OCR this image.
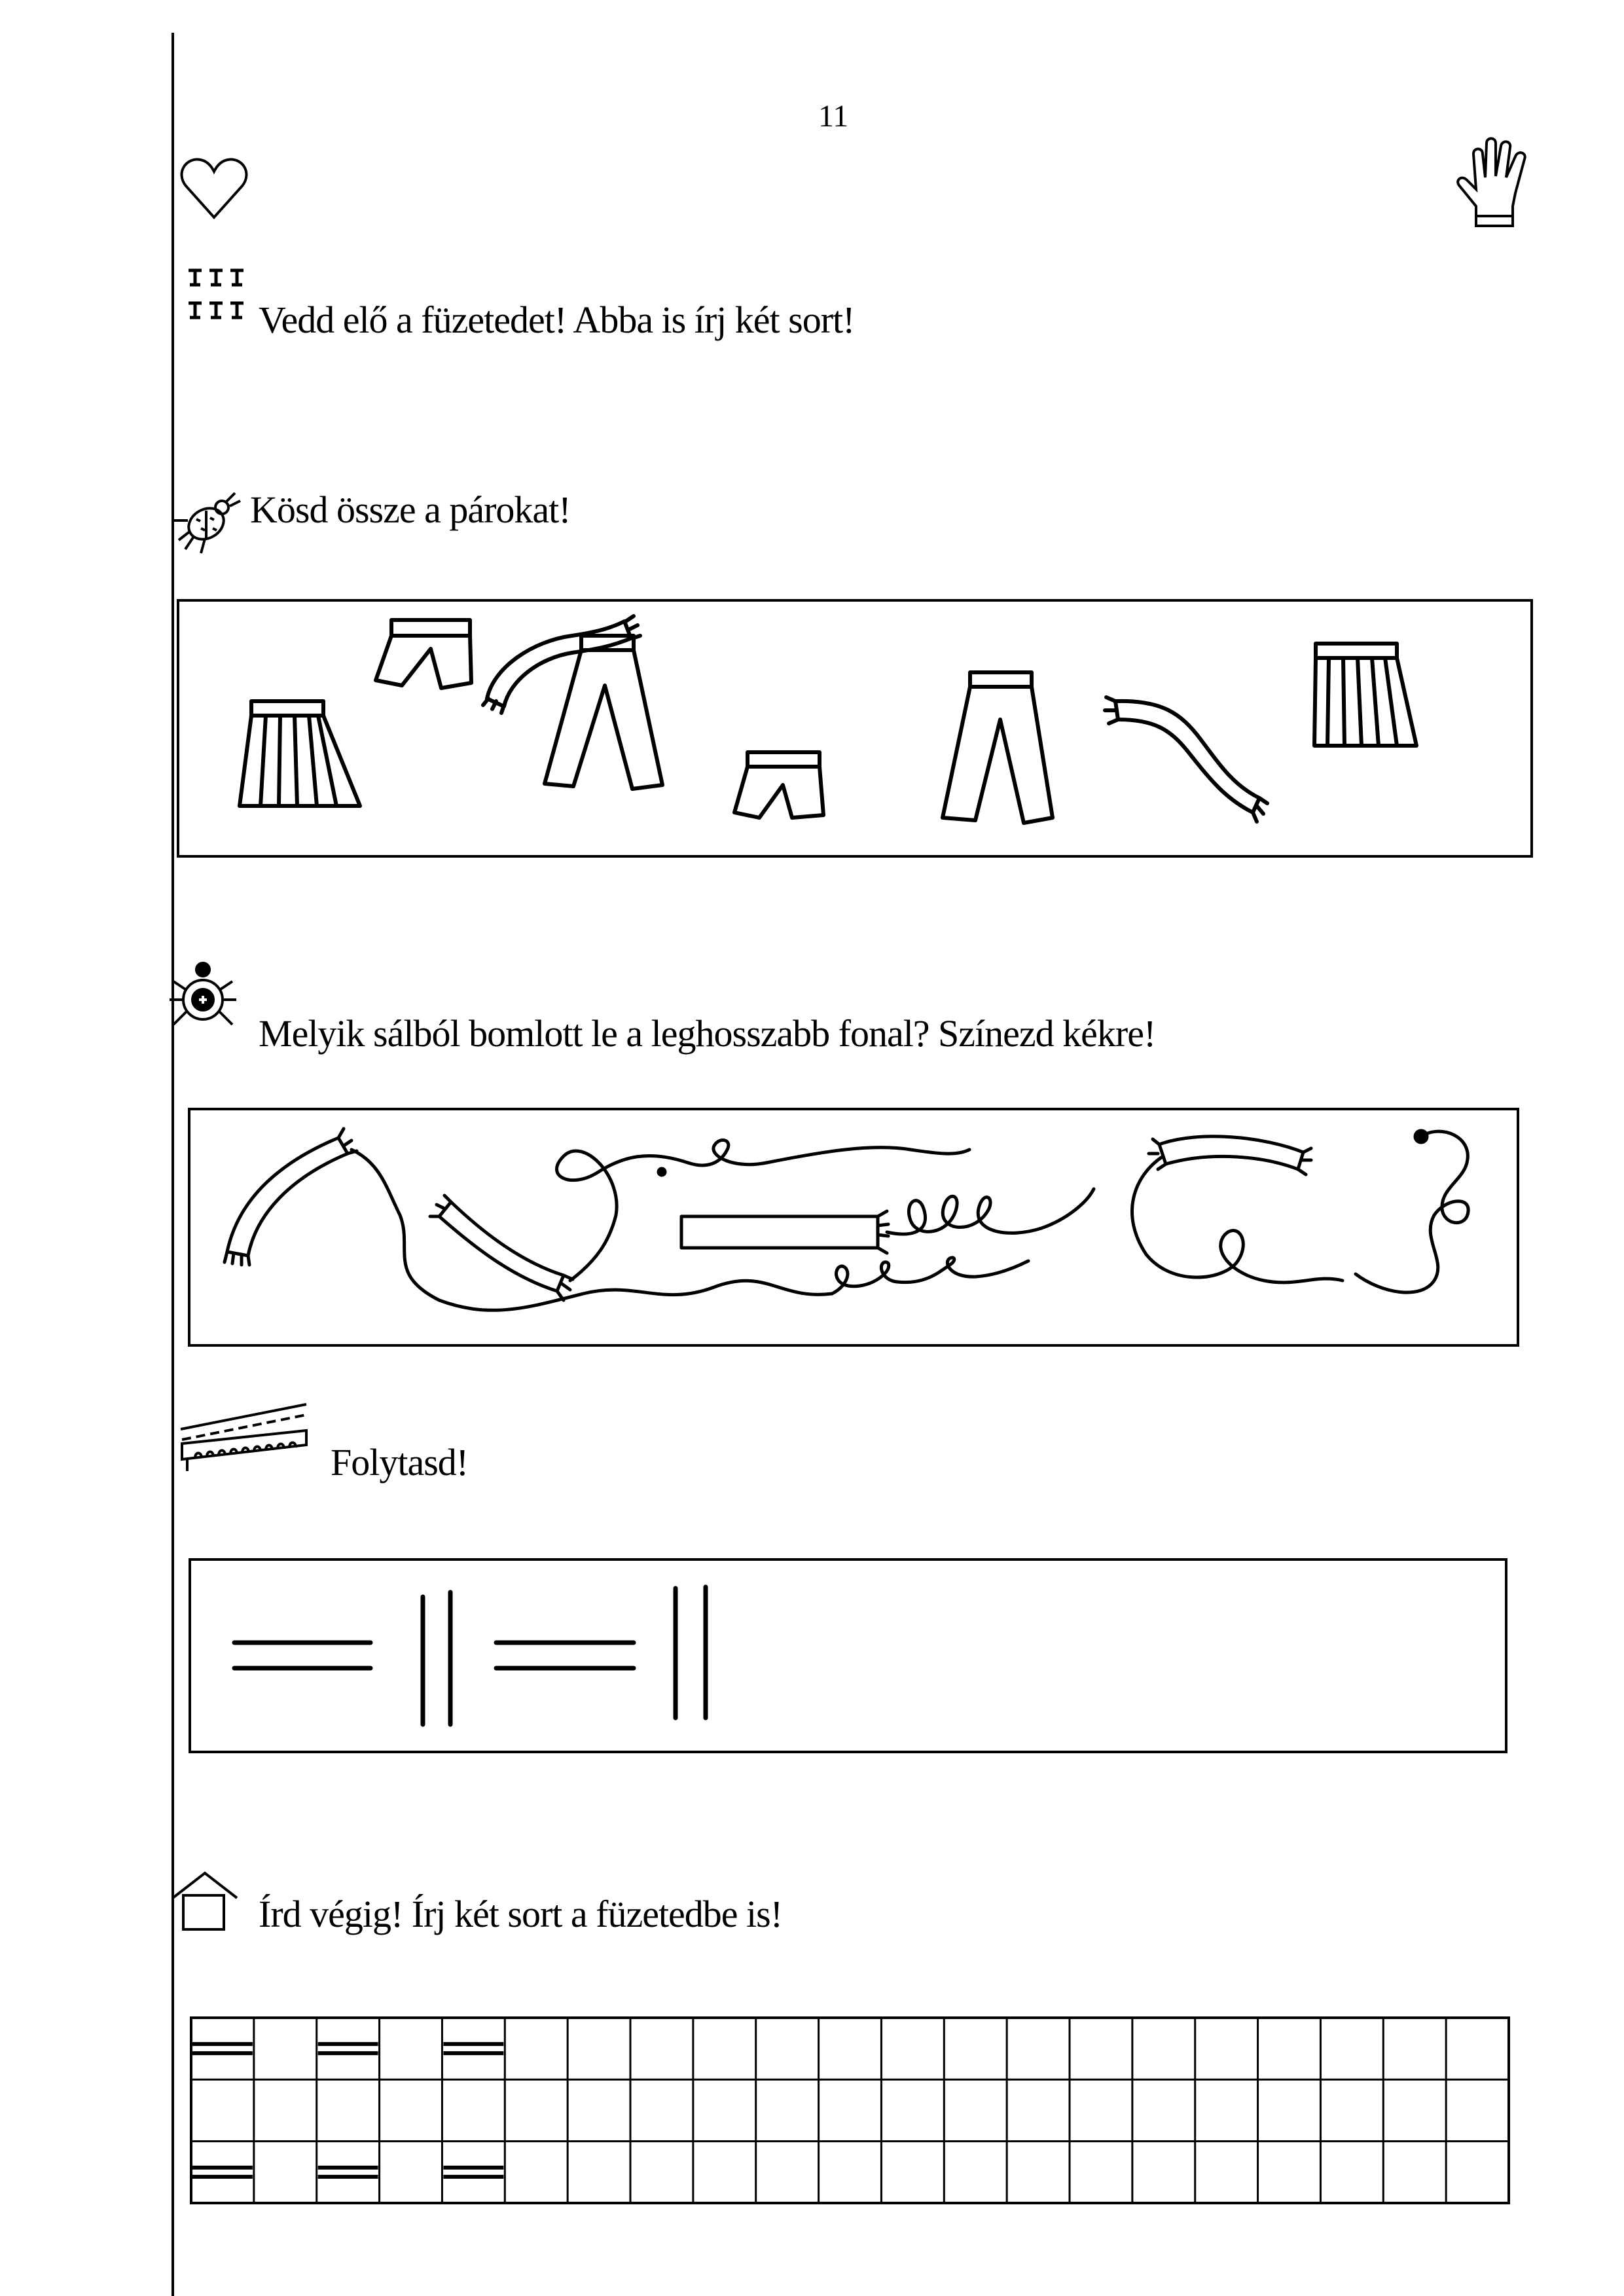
11
Vedd elő a füzetedet! Abba is írj két sort!
Kösd össze a párokat!
Melyik sálból bomlott le a leghosszabb fonal? Színezd kékre!
Folytasd!
Írd végig! Írj két sort a füzetedbe is!
